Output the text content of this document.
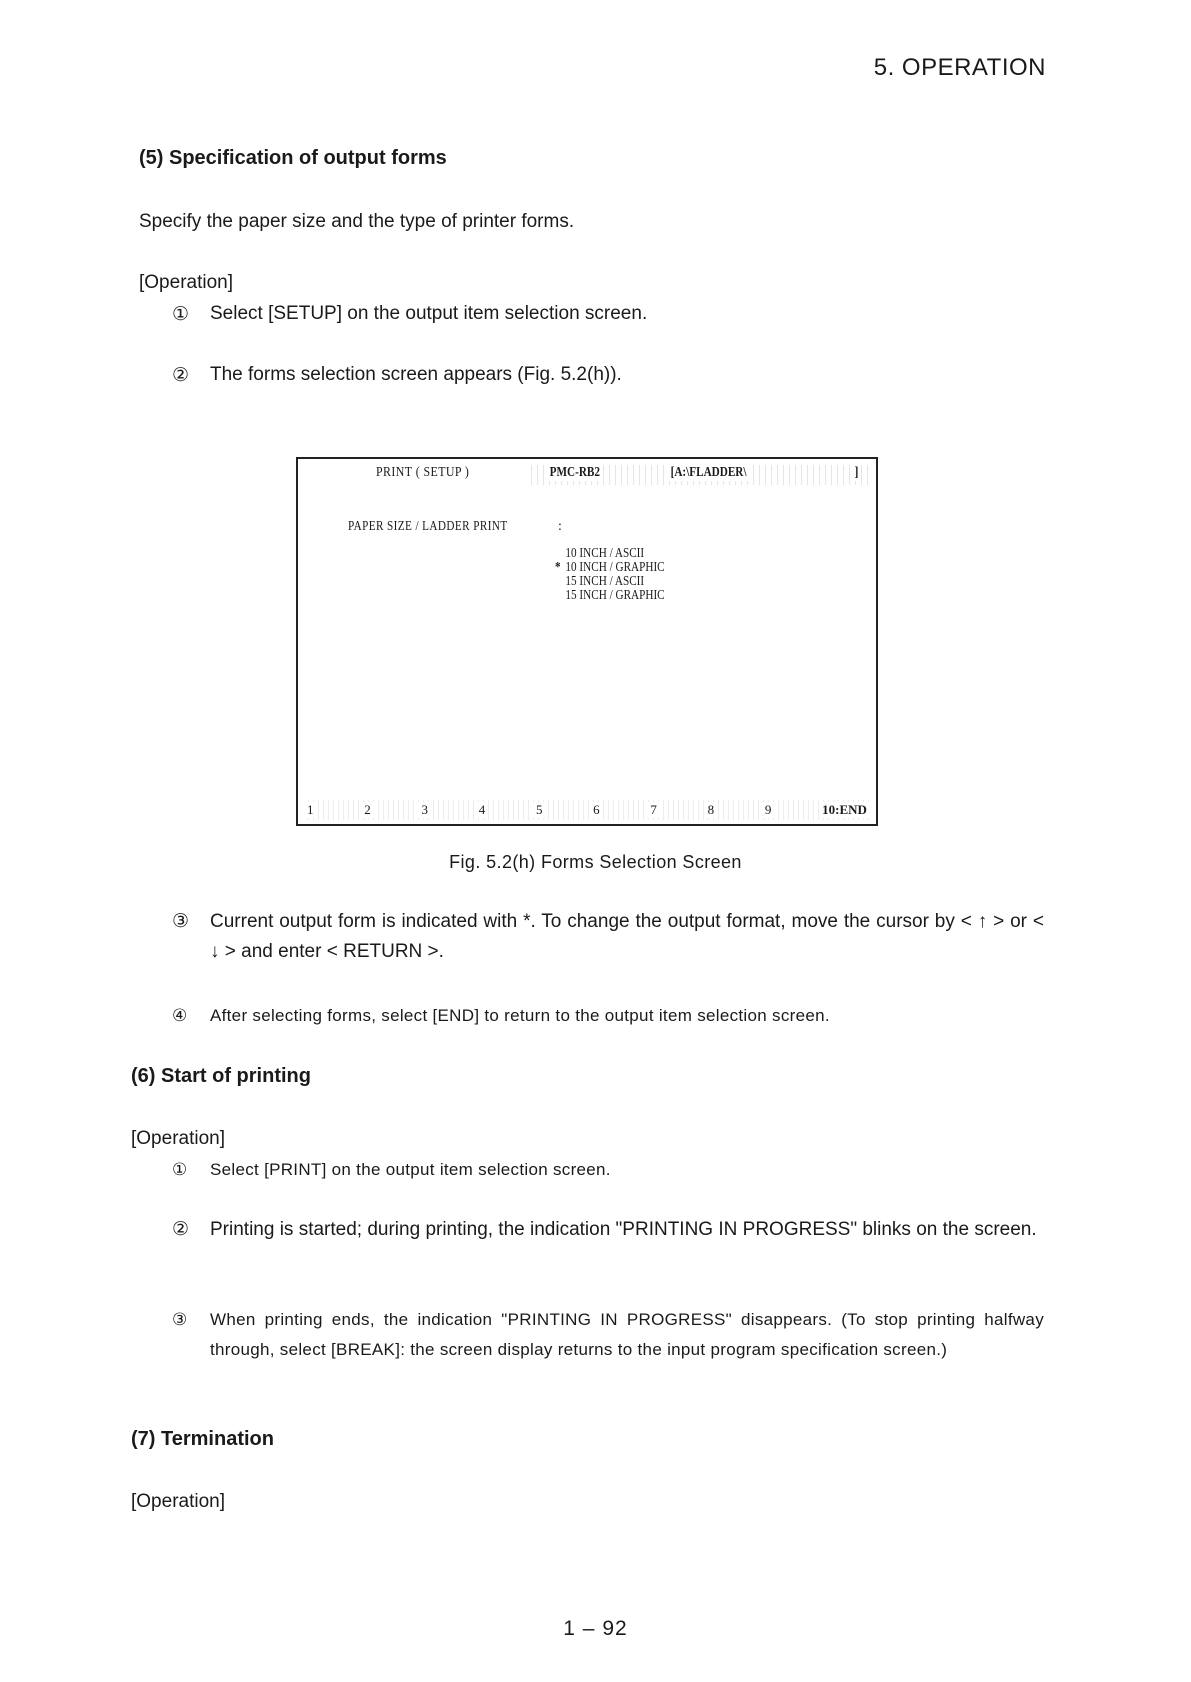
5. OPERATION
(5) Specification of output forms
Specify the paper size and the type of printer forms.
[Operation]
①	Select [SETUP] on the output item selection screen.
②	The forms selection screen appears (Fig. 5.2(h)).
PRINT ( SETUP )	PMC-RB2	[A:\FLADDER\	]
PAPER SIZE / LADDER PRINT	:
10 INCH / ASCII
* 10 INCH / GRAPHIC
15 INCH / ASCII
15 INCH / GRAPHIC
1	2	3	4	5	6	7	8	9	10:END
Fig. 5.2(h) Forms Selection Screen
③	Current output form is indicated with *. To change the output format, move the cursor by < ↑ > or < ↓ > and enter < RETURN >.
④	After selecting forms, select [END] to return to the output item selection screen.
(6) Start of printing
[Operation]
①	Select [PRINT] on the output item selection screen.
②	Printing is started; during printing, the indication "PRINTING IN PROGRESS" blinks on the screen.
③	When printing ends, the indication "PRINTING IN PROGRESS" disappears. (To stop printing halfway through, select [BREAK]: the screen display returns to the input program specification screen.)
(7) Termination
[Operation]
1 – 92
